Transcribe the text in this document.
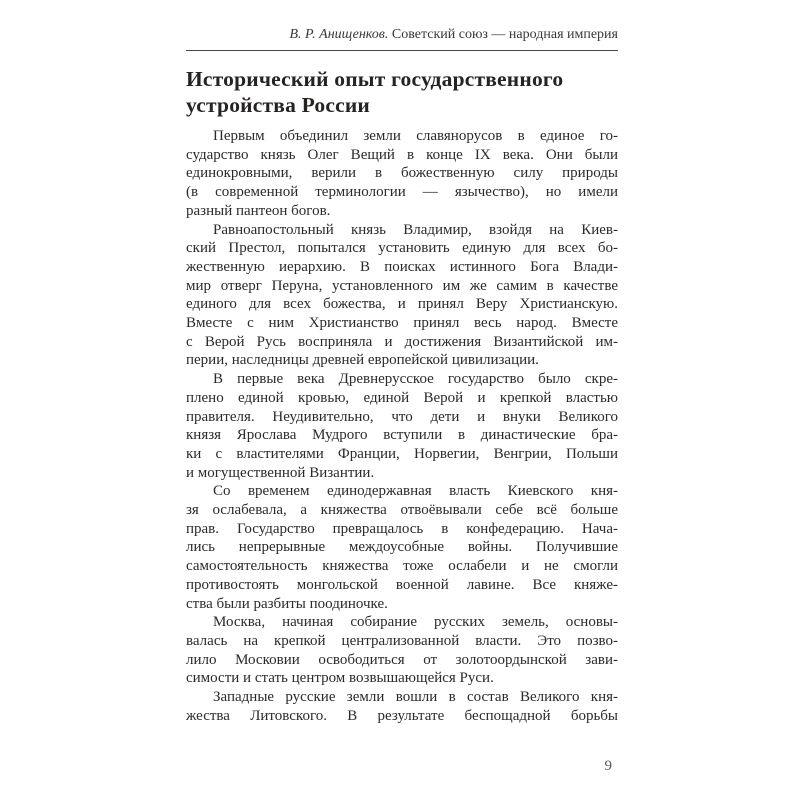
В. Р. Анищенков. Советский союз — народная империя
Исторический опыт государственного
устройства России

Первым объединил земли славянорусов в единое го-
сударство князь Олег Вещий в конце IX века. Они были
единокровными, верили в божественную силу природы
(в современной терминологии — язычество), но имели
разный пантеон богов.

Равноапостольный князь Владимир, взойдя на Киев-
ский Престол, попытался установить единую для всех бо-
жественную иерархию. В поисках истинного Бога Влади-
мир отверг Перуна, установленного им же самим в качестве
единого для всех божества, и принял Веру Христианскую.
Вместе с ним Христианство принял весь народ. Вместе
с Верой Русь восприняла и достижения Византийской им-
перии, наследницы древней европейской цивилизации.

В первые века Древнерусское государство было скре-
плено единой кровью, единой Верой и крепкой властью
правителя. Неудивительно, что дети и внуки Великого
князя Ярослава Мудрого вступили в династические бра-
ки с властителями Франции, Норвегии, Венгрии, Польши
и могущественной Византии.

Со временем единодержавная власть Киевского кня-
зя ослабевала, а княжества отвоёвывали себе всё больше
прав. Государство превращалось в конфедерацию. Нача-
лись непрерывные междоусобные войны. Получившие
самостоятельность княжества тоже ослабели и не смогли
противостоять монгольской военной лавине. Все княже-
ства были разбиты поодиночке.

Москва, начиная собирание русских земель, основы-
валась на крепкой централизованной власти. Это позво-
лило Московии освободиться от золотоордынской зави-
симости и стать центром возвышающейся Руси.

Западные русские земли вошли в состав Великого кня-
жества Литовского. В результате беспощадной борьбы

9
